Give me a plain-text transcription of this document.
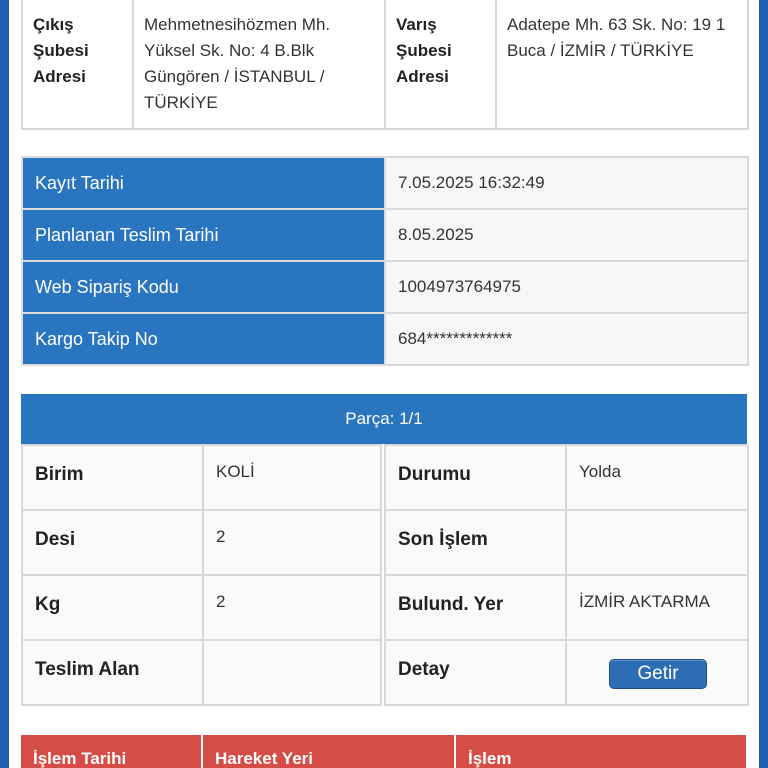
Çıkış Şubesi Adresi	Mehmetnesihözmen Mh. Yüksel Sk. No: 4 B.Blk Güngören / İSTANBUL / TÜRKİYE	Varış Şubesi Adresi	Adatepe Mh. 63 Sk. No: 19 1 Buca / İZMİR / TÜRKİYE
Kayıt Tarihi	7.05.2025 16:32:49
Planlanan Teslim Tarihi	8.05.2025
Web Sipariş Kodu	1004973764975
Kargo Takip No	684*************
Parça: 1/1
Birim	KOLİ		Durumu	Yolda
Desi	2		Son İşlem	
Kg	2		Bulund. Yer	İZMİR AKTARMA
Teslim Alan			Detay	Getir
İşlem Tarihi	Hareket Yeri	İşlem
